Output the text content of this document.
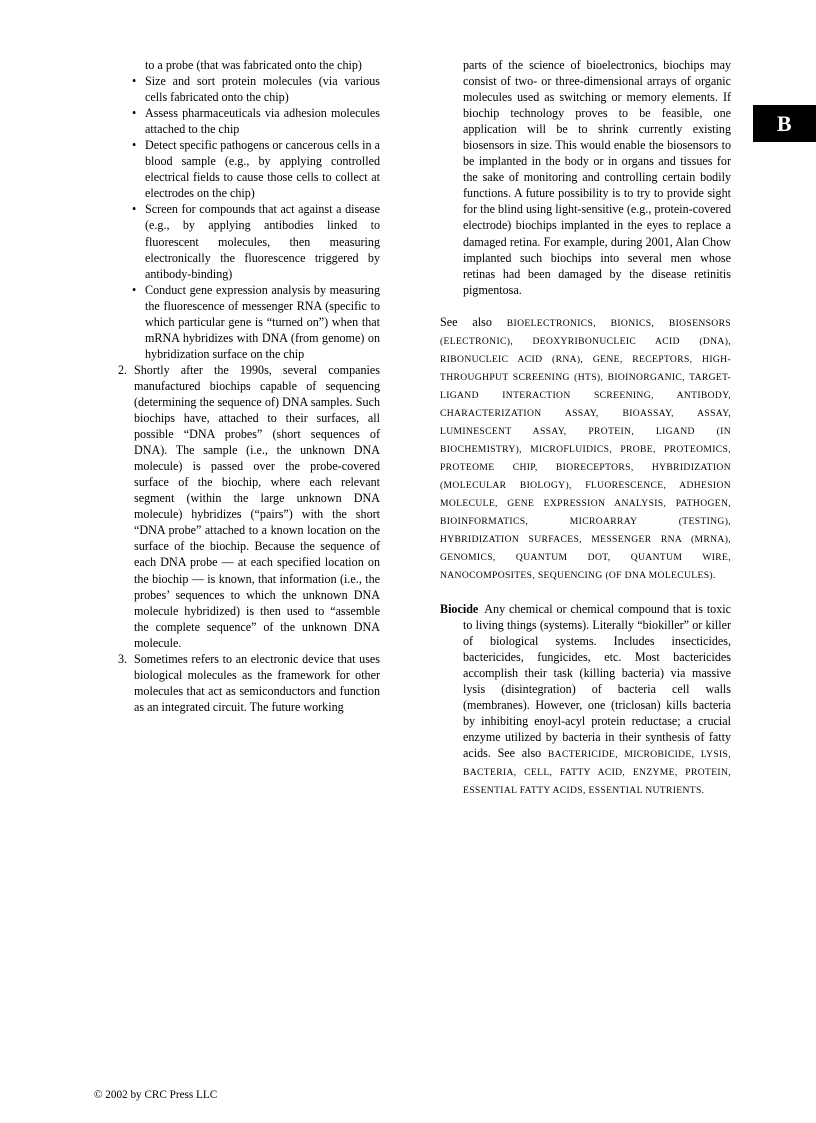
B

to a probe (that was fabricated onto the chip)

• Size and sort protein molecules (via various cells fabricated onto the chip)
• Assess pharmaceuticals via adhesion molecules attached to the chip
• Detect specific pathogens or cancerous cells in a blood sample (e.g., by applying controlled electrical fields to cause those cells to collect at electrodes on the chip)
• Screen for compounds that act against a disease (e.g., by applying antibodies linked to fluorescent molecules, then measuring electronically the fluorescence triggered by antibody-binding)
• Conduct gene expression analysis by measuring the fluorescence of messenger RNA (specific to which particular gene is “turned on”) when that mRNA hybridizes with DNA (from genome) on hybridization surface on the chip
2. Shortly after the 1990s, several companies manufactured biochips capable of sequencing (determining the sequence of) DNA samples. Such biochips have, attached to their surfaces, all possible “DNA probes” (short sequences of DNA). The sample (i.e., the unknown DNA molecule) is passed over the probe-covered surface of the biochip, where each relevant segment (within the large unknown DNA molecule) hybridizes (“pairs”) with the short “DNA probe” attached to a known location on the surface of the biochip. Because the sequence of each DNA probe — at each specified location on the biochip — is known, that information (i.e., the probes’ sequences to which the unknown DNA molecule hybridized) is then used to “assemble the complete sequence” of the unknown DNA molecule.
3. Sometimes refers to an electronic device that uses biological molecules as the framework for other molecules that act as semiconductors and function as an integrated circuit. The future working

parts of the science of bioelectronics, biochips may consist of two- or three-dimensional arrays of organic molecules used as switching or memory elements. If biochip technology proves to be feasible, one application will be to shrink currently existing biosensors in size. This would enable the biosensors to be implanted in the body or in organs and tissues for the sake of monitoring and controlling certain bodily functions. A future possibility is to try to provide sight for the blind using light-sensitive (e.g., protein-covered electrode) biochips implanted in the eyes to replace a damaged retina. For example, during 2001, Alan Chow implanted such biochips into several men whose retinas had been damaged by the disease retinitis pigmentosa.

See also BIOELECTRONICS, BIONICS, BIOSENSORS (ELECTRONIC), DEOXYRIBONUCLEIC ACID (DNA), RIBONUCLEIC ACID (RNA), GENE, RECEPTORS, HIGH-THROUGHPUT SCREENING (HTS), BIOINORGANIC, TARGET-LIGAND INTERACTION SCREENING, ANTIBODY, CHARACTERIZATION ASSAY, BIOASSAY, ASSAY, LUMINESCENT ASSAY, PROTEIN, LIGAND (IN BIOCHEMISTRY), MICROFLUIDICS, PROBE, PROTEOMICS, PROTEOME CHIP, BIORECEPTORS, HYBRIDIZATION (MOLECULAR BIOLOGY), FLUORESCENCE, ADHESION MOLECULE, GENE EXPRESSION ANALYSIS, PATHOGEN, BIOINFORMATICS, MICROARRAY (TESTING), HYBRIDIZATION SURFACES, MESSENGER RNA (MRNA), GENOMICS, QUANTUM DOT, QUANTUM WIRE, NANOCOMPOSITES, SEQUENCING (OF DNA MOLECULES).

Biocide Any chemical or chemical compound that is toxic to living things (systems). Literally “biokiller” or killer of biological systems. Includes insecticides, bactericides, fungicides, etc. Most bactericides accomplish their task (killing bacteria) via massive lysis (disintegration) of bacteria cell walls (membranes). However, one (triclosan) kills bacteria by inhibiting enoyl-acyl protein reductase; a crucial enzyme utilized by bacteria in their synthesis of fatty acids. See also BACTERICIDE, MICROBICIDE, LYSIS, BACTERIA, CELL, FATTY ACID, ENZYME, PROTEIN, ESSENTIAL FATTY ACIDS, ESSENTIAL NUTRIENTS.
© 2002 by CRC Press LLC
